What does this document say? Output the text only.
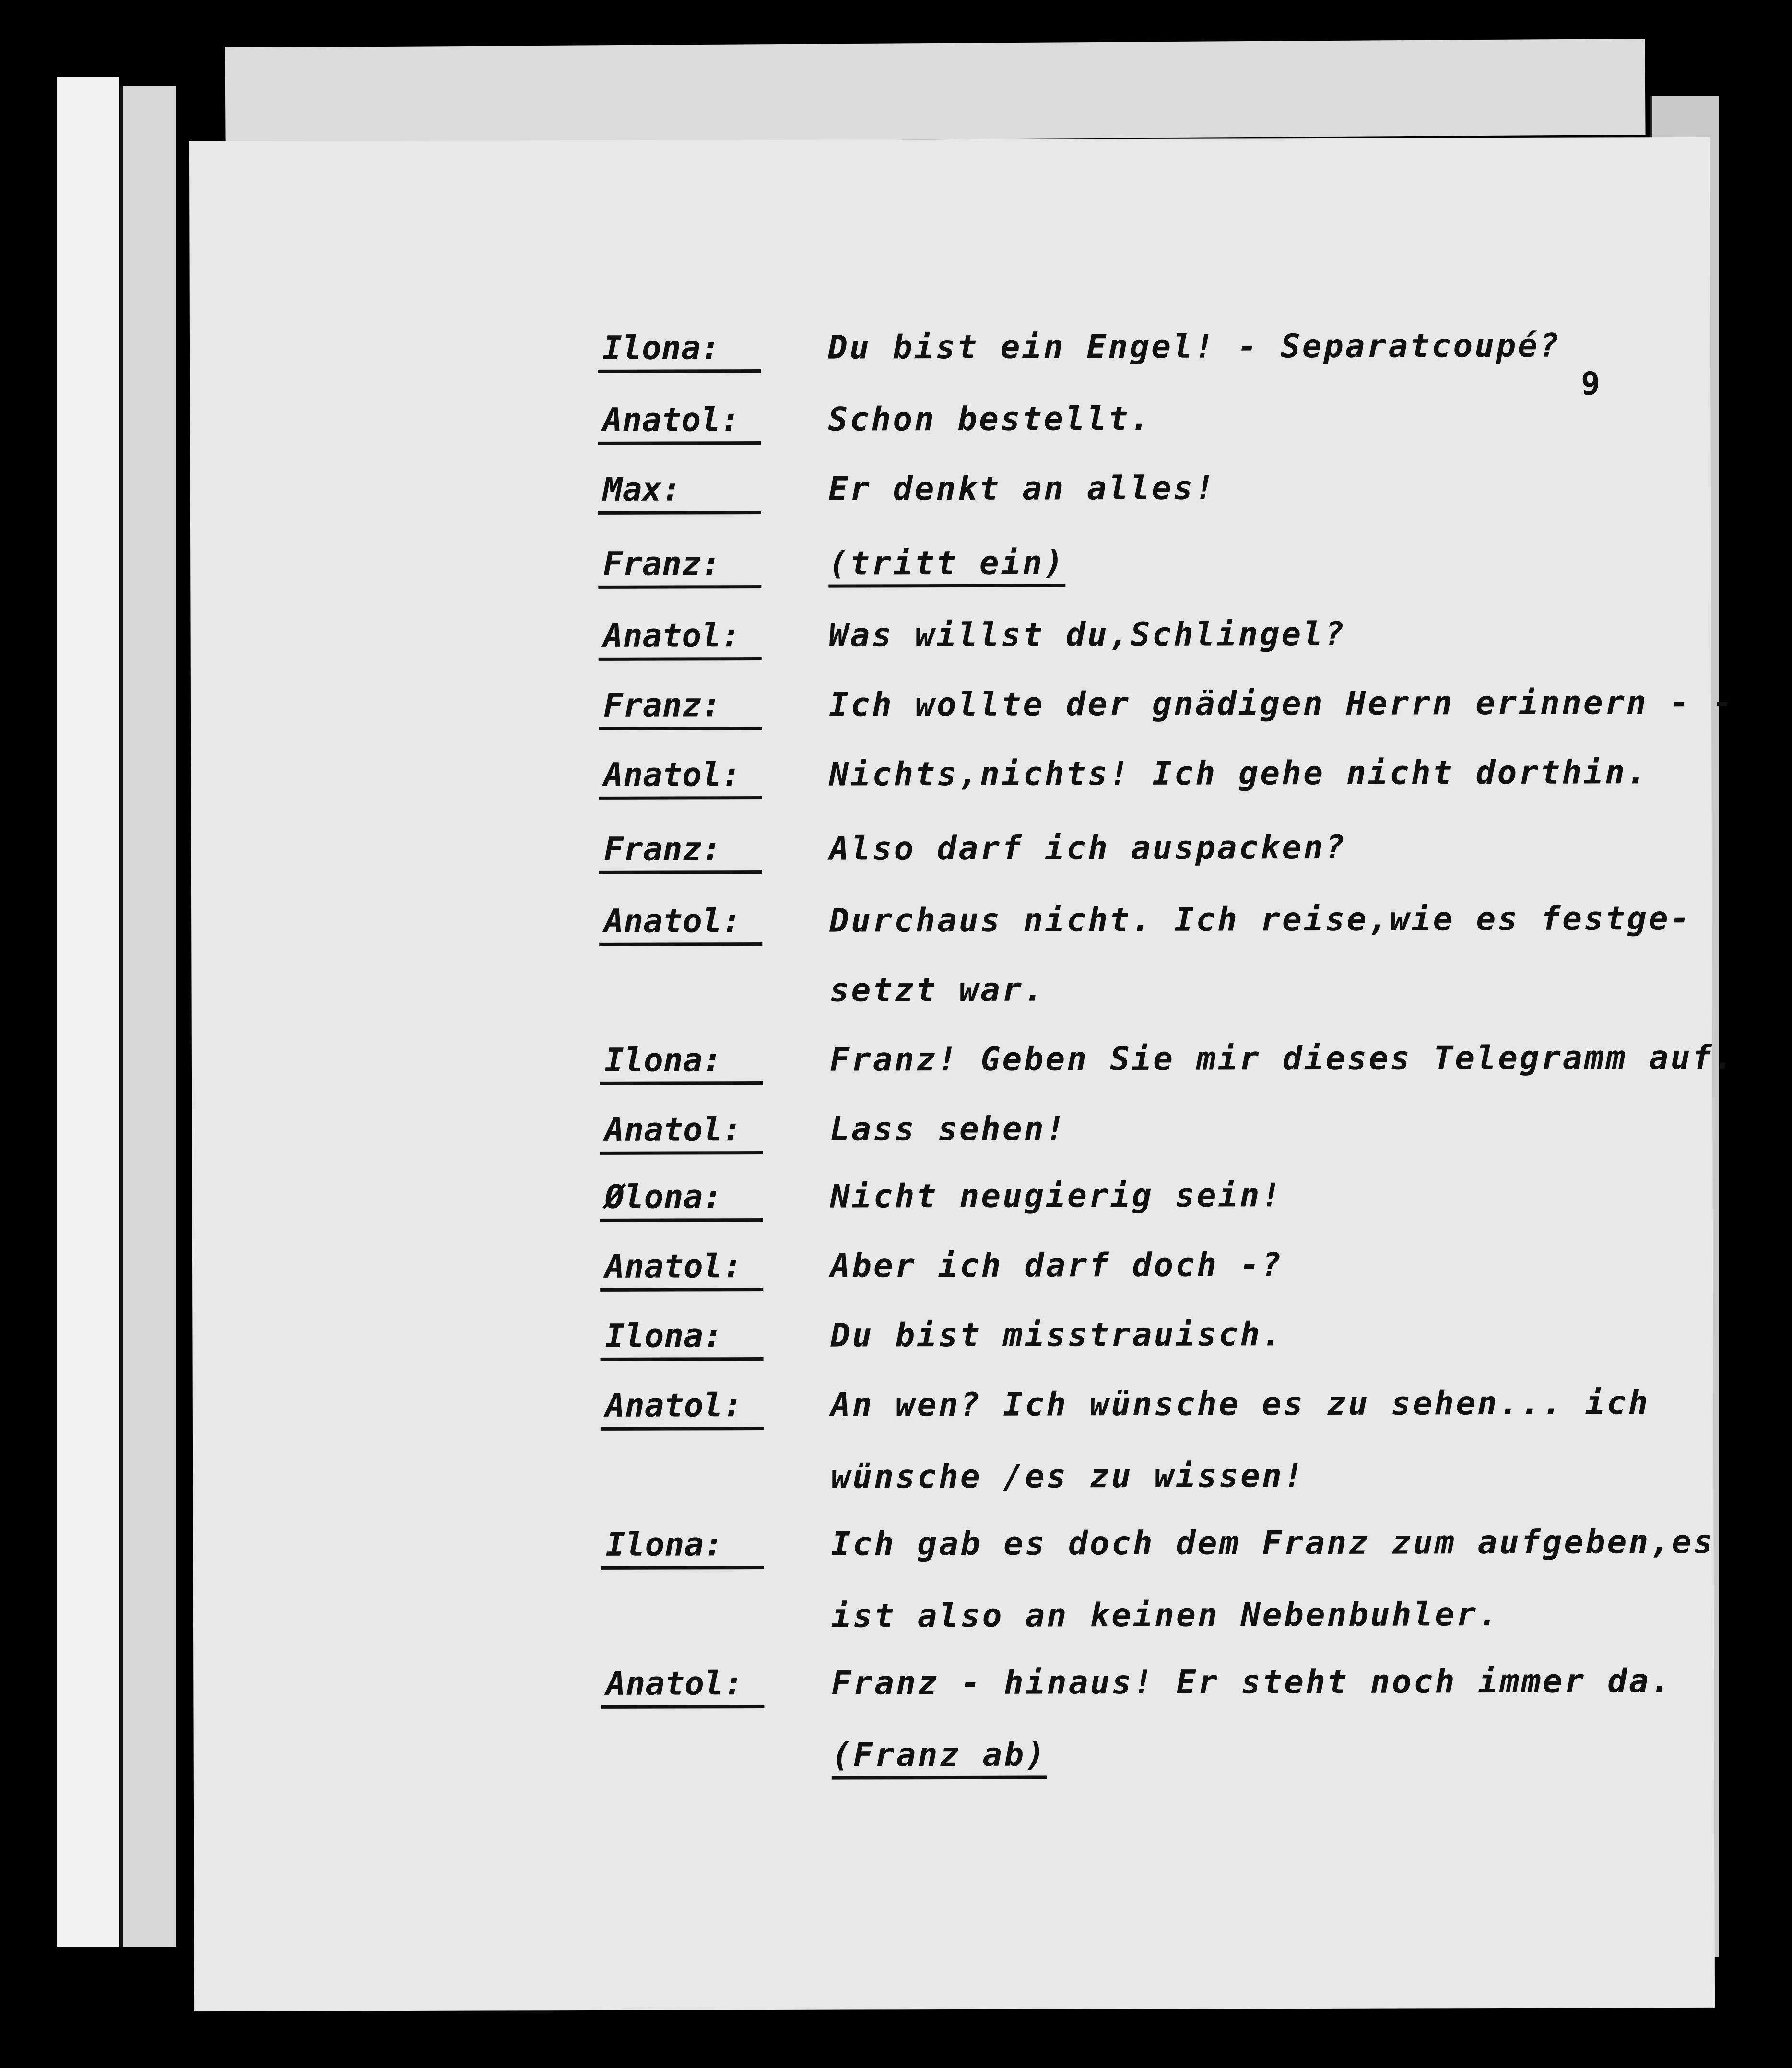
9
Ilona:	Du bist ein Engel! - Separatcoupé?
Anatol:	Schon bestellt.
Max:	Er denkt an alles!
Franz:	(tritt ein)
Anatol:	Was willst du,Schlingel?
Franz:	Ich wollte der gnädigen Herrn erinnern - -
Anatol:	Nichts,nichts! Ich gehe nicht dorthin.
Franz:	Also darf ich auspacken?
Anatol:	Durchaus nicht. Ich reise,wie es festge-
setzt war.
Ilona:	Franz! Geben Sie mir dieses Telegramm auf.
Anatol:	Lass sehen!
Ølona:	Nicht neugierig sein!
Anatol:	Aber ich darf doch -?
Ilona:	Du bist misstrauisch.
Anatol:	An wen? Ich wünsche es zu sehen... ich
wünsche /es zu wissen!
Ilona:	Ich gab es doch dem Franz zum aufgeben,es
ist also an keinen Nebenbuhler.
Anatol:	Franz - hinaus! Er steht noch immer da.
(Franz ab)
